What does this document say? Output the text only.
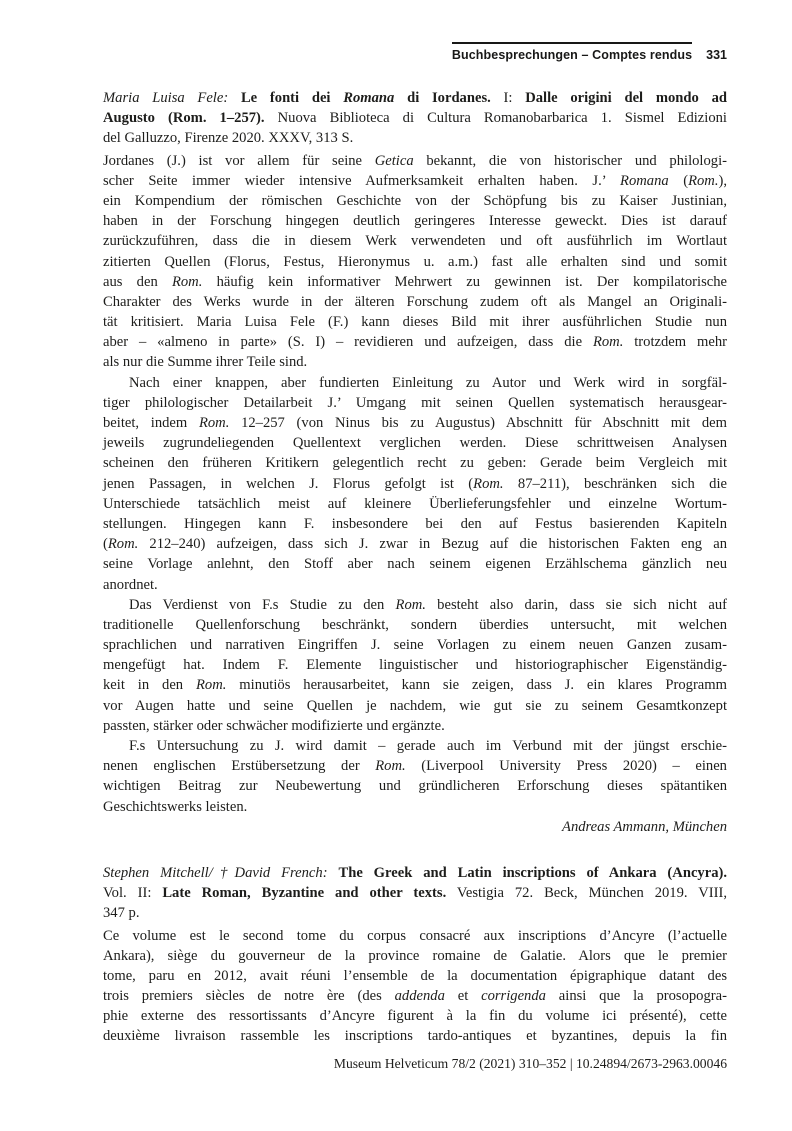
Buchbesprechungen – Comptes rendus 331
Maria Luisa Fele: Le fonti dei Romana di Iordanes. I: Dalle origini del mondo ad
Augusto (Rom. 1–257). Nuova Biblioteca di Cultura Romanobarbarica 1. Sismel Edizioni
del Galluzzo, Firenze 2020. XXXV, 313 S.
Jordanes (J.) ist vor allem für seine Getica bekannt, die von historischer und philologi-
scher Seite immer wieder intensive Aufmerksamkeit erhalten haben. J.’ Romana (Rom.),
ein Kompendium der römischen Geschichte von der Schöpfung bis zu Kaiser Justinian,
haben in der Forschung hingegen deutlich geringeres Interesse geweckt. Dies ist darauf
zurückzuführen, dass die in diesem Werk verwendeten und oft ausführlich im Wortlaut
zitierten Quellen (Florus, Festus, Hieronymus u. a.m.) fast alle erhalten sind und somit
aus den Rom. häufig kein informativer Mehrwert zu gewinnen ist. Der kompilatorische
Charakter des Werks wurde in der älteren Forschung zudem oft als Mangel an Originali-
tät kritisiert. Maria Luisa Fele (F.) kann dieses Bild mit ihrer ausführlichen Studie nun
aber – «almeno in parte» (S. I) – revidieren und aufzeigen, dass die Rom. trotzdem mehr
als nur die Summe ihrer Teile sind.
Nach einer knappen, aber fundierten Einleitung zu Autor und Werk wird in sorgfäl-
tiger philologischer Detailarbeit J.’ Umgang mit seinen Quellen systematisch herausgear-
beitet, indem Rom. 12–257 (von Ninus bis zu Augustus) Abschnitt für Abschnitt mit dem
jeweils zugrundeliegenden Quellentext verglichen werden. Diese schrittweisen Analysen
scheinen den früheren Kritikern gelegentlich recht zu geben: Gerade beim Vergleich mit
jenen Passagen, in welchen J. Florus gefolgt ist (Rom. 87–211), beschränken sich die
Unterschiede tatsächlich meist auf kleinere Überlieferungsfehler und einzelne Wortum-
stellungen. Hingegen kann F. insbesondere bei den auf Festus basierenden Kapiteln
(Rom. 212–240) aufzeigen, dass sich J. zwar in Bezug auf die historischen Fakten eng an
seine Vorlage anlehnt, den Stoff aber nach seinem eigenen Erzählschema gänzlich neu
anordnet.
Das Verdienst von F.s Studie zu den Rom. besteht also darin, dass sie sich nicht auf
traditionelle Quellenforschung beschränkt, sondern überdies untersucht, mit welchen
sprachlichen und narrativen Eingriffen J. seine Vorlagen zu einem neuen Ganzen zusam-
mengefügt hat. Indem F. Elemente linguistischer und historiographischer Eigenständig-
keit in den Rom. minutiös herausarbeitet, kann sie zeigen, dass J. ein klares Programm
vor Augen hatte und seine Quellen je nachdem, wie gut sie zu seinem Gesamtkonzept
passten, stärker oder schwächer modifizierte und ergänzte.
F.s Untersuchung zu J. wird damit – gerade auch im Verbund mit der jüngst erschie-
nenen englischen Erstübersetzung der Rom. (Liverpool University Press 2020) – einen
wichtigen Beitrag zur Neubewertung und gründlicheren Erforschung dieses spätantiken
Geschichtswerks leisten.
Andreas Ammann, München
Stephen Mitchell/†David French: The Greek and Latin inscriptions of Ankara (Ancyra).
Vol. II: Late Roman, Byzantine and other texts. Vestigia 72. Beck, München 2019. VIII,
347 p.
Ce volume est le second tome du corpus consacré aux inscriptions d’Ancyre (l’actuelle
Ankara), siège du gouverneur de la province romaine de Galatie. Alors que le premier
tome, paru en 2012, avait réuni l’ensemble de la documentation épigraphique datant des
trois premiers siècles de notre ère (des addenda et corrigenda ainsi que la prosopogra-
phie externe des ressortissants d’Ancyre figurent à la fin du volume ici présenté), cette
deuxième livraison rassemble les inscriptions tardo-antiques et byzantines, depuis la fin
Museum Helveticum 78/2 (2021) 310–352 | 10.24894/2673-2963.00046
